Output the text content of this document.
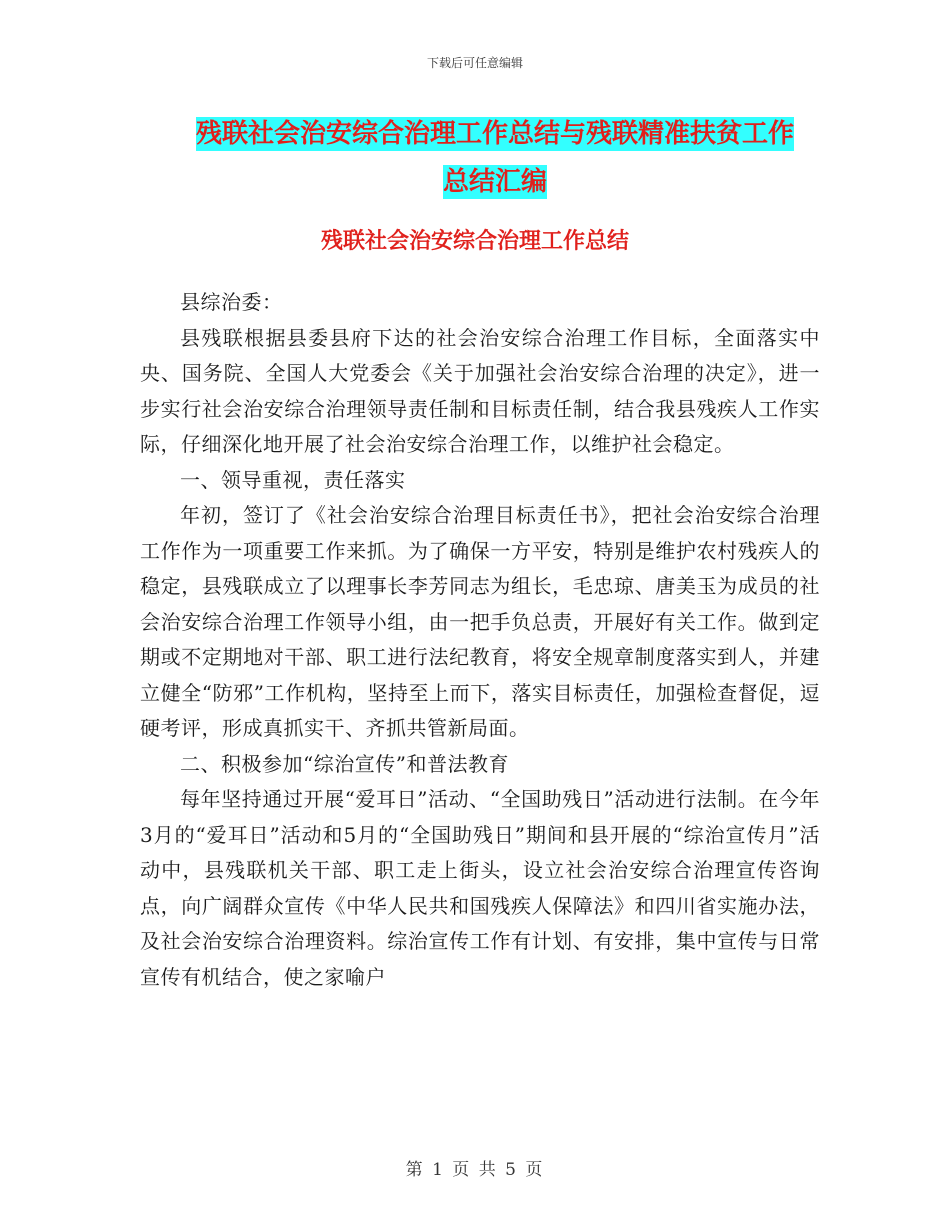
下载后可任意编辑
残联社会治安综合治理工作总结与残联精准扶贫工作
总结汇编
残联社会治安综合治理工作总结

县综治委：

县残联根据县委县府下达的社会治安综合治理工作目标，全面落实中央、国务院、全国人大党委会《关于加强社会治安综合治理的决定》，进一步实行社会治安综合治理领导责任制和目标责任制，结合我县残疾人工作实际，仔细深化地开展了社会治安综合治理工作，以维护社会稳定。

一、领导重视，责任落实

年初，签订了《社会治安综合治理目标责任书》，把社会治安综合治理工作作为一项重要工作来抓。为了确保一方平安，特别是维护农村残疾人的稳定，县残联成立了以理事长李芳同志为组长，毛忠琼、唐美玉为成员的社会治安综合治理工作领导小组，由一把手负总责，开展好有关工作。做到定期或不定期地对干部、职工进行法纪教育，将安全规章制度落实到人，并建立健全“防邪”工作机构，坚持至上而下，落实目标责任，加强检查督促，逗硬考评，形成真抓实干、齐抓共管新局面。

二、积极参加“综治宣传”和普法教育

每年坚持通过开展“爱耳日”活动、“全国助残日”活动进行法制。在今年3月的“爱耳日”活动和5月的“全国助残日”期间和县开展的“综治宣传月”活动中，县残联机关干部、职工走上街头，设立社会治安综合治理宣传咨询点，向广阔群众宣传《中华人民共和国残疾人保障法》和四川省实施办法，及社会治安综合治理资料。综治宣传工作有计划、有安排，集中宣传与日常宣传有机结合，使之家喻户

第 1 页 共 5 页
